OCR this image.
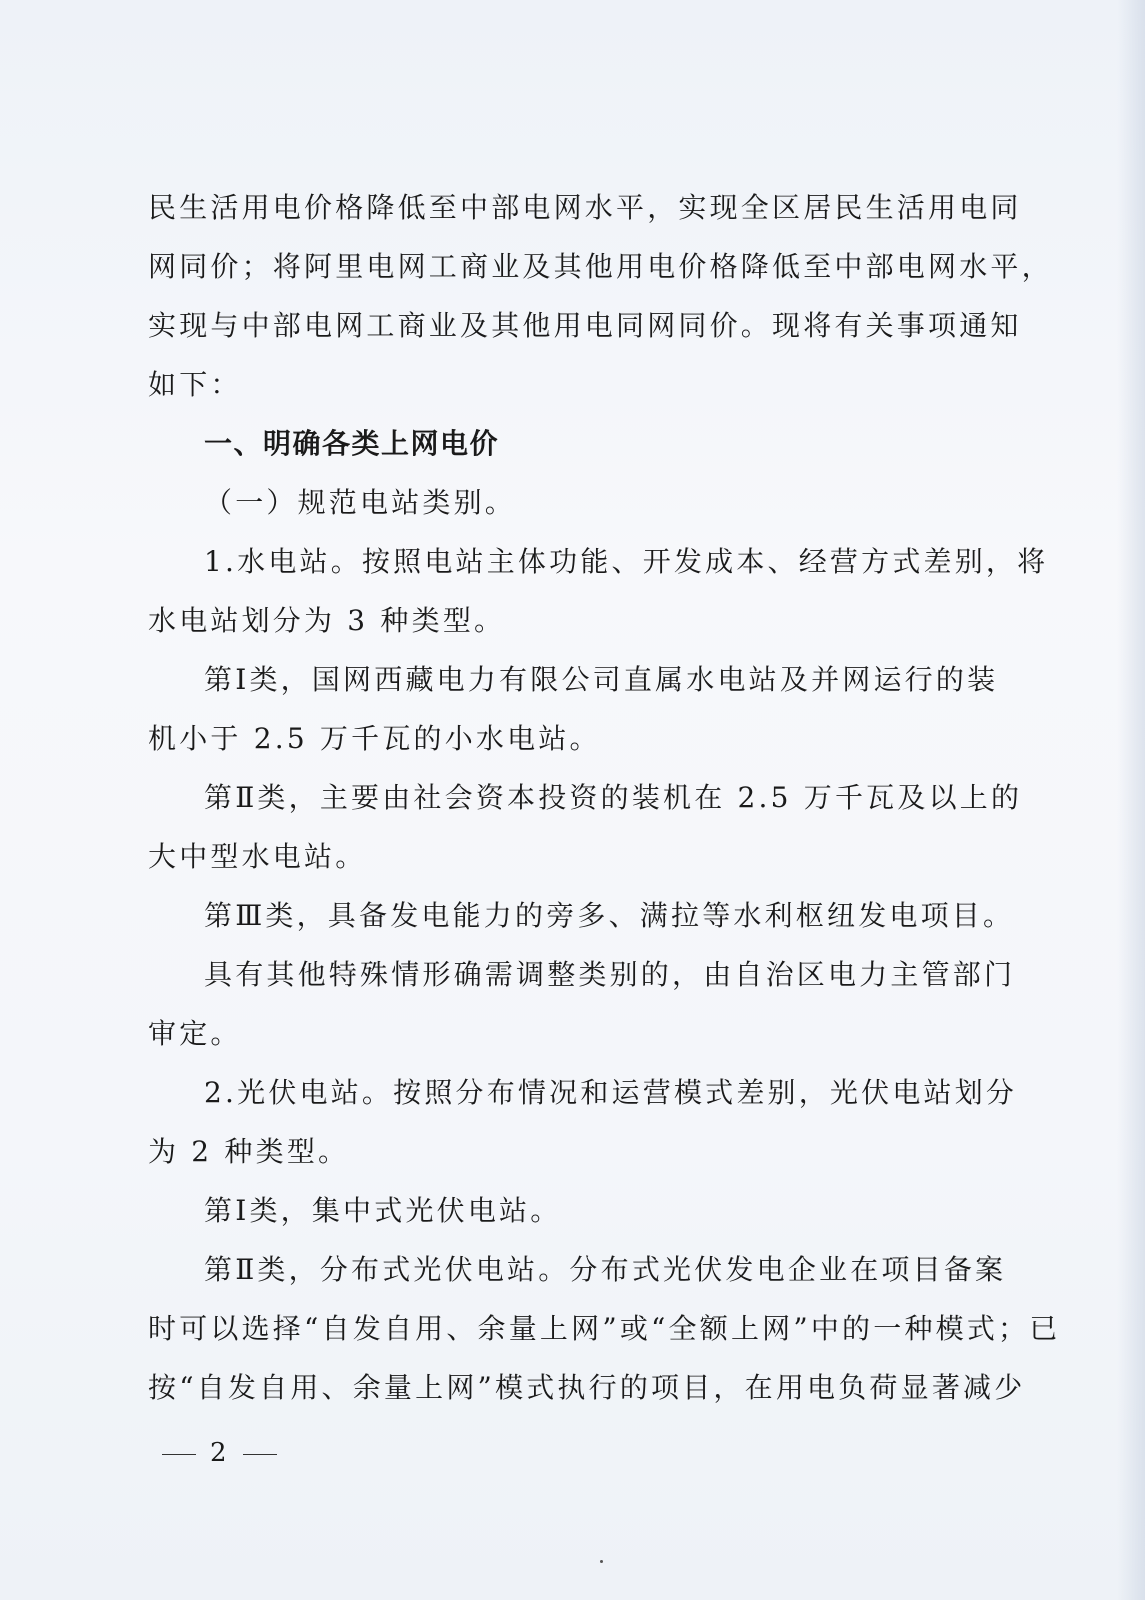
民生活用电价格降低至中部电网水平，实现全区居民生活用电同
网同价；将阿里电网工商业及其他用电价格降低至中部电网水平，
实现与中部电网工商业及其他用电同网同价。现将有关事项通知
如下：
一、明确各类上网电价
（一）规范电站类别。
1.水电站。按照电站主体功能、开发成本、经营方式差别，将
水电站划分为 3 种类型。
第Ⅰ类，国网西藏电力有限公司直属水电站及并网运行的装
机小于 2.5 万千瓦的小水电站。
第Ⅱ类，主要由社会资本投资的装机在 2.5 万千瓦及以上的
大中型水电站。
第Ⅲ类，具备发电能力的旁多、满拉等水利枢纽发电项目。
具有其他特殊情形确需调整类别的，由自治区电力主管部门
审定。
2.光伏电站。按照分布情况和运营模式差别，光伏电站划分
为 2 种类型。
第Ⅰ类，集中式光伏电站。
第Ⅱ类，分布式光伏电站。分布式光伏发电企业在项目备案
时可以选择“自发自用、余量上网”或“全额上网”中的一种模式；已
按“自发自用、余量上网”模式执行的项目，在用电负荷显著减少
2
